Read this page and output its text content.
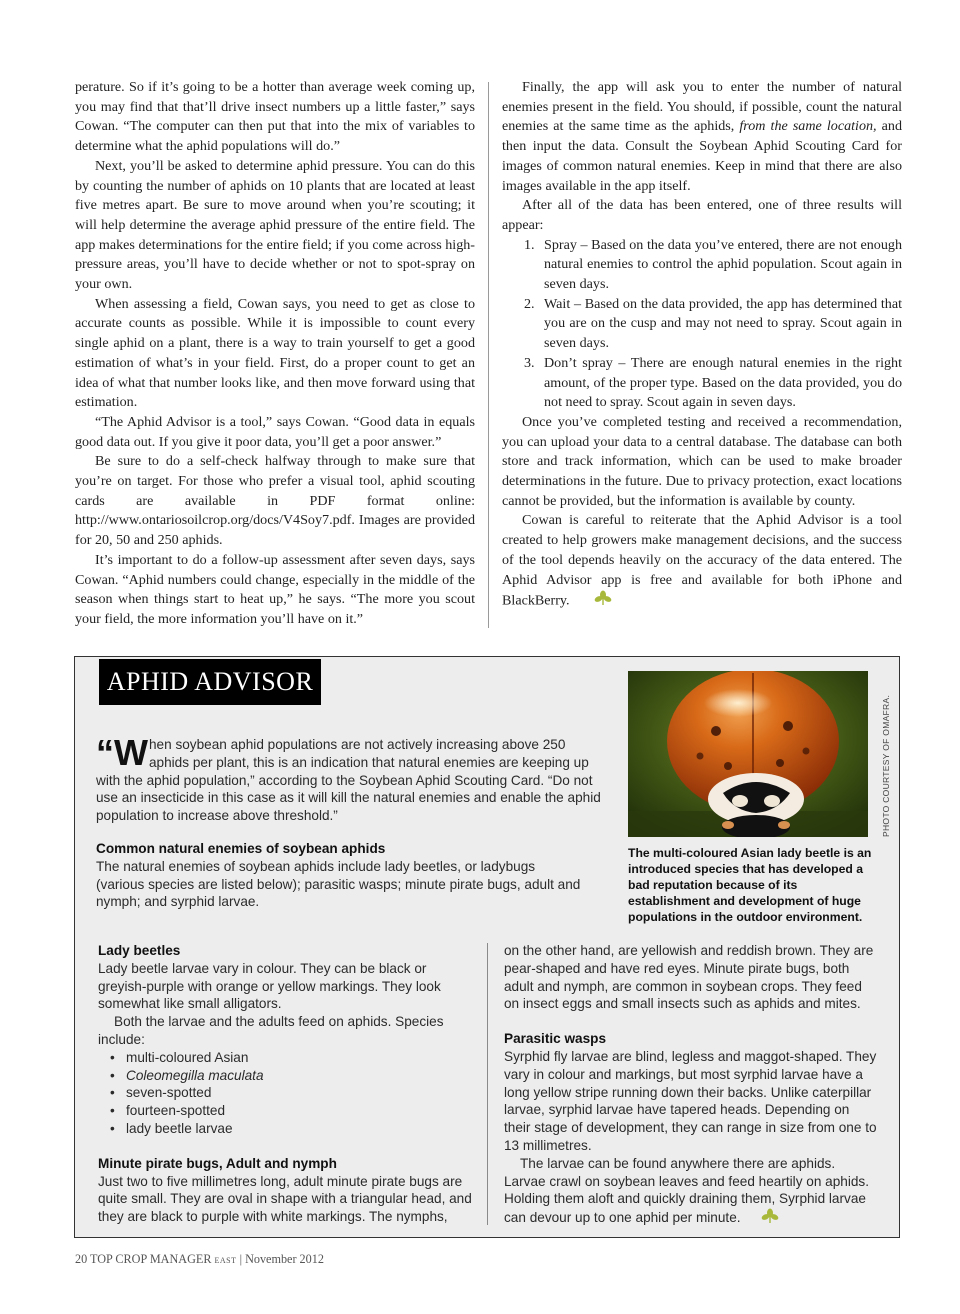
perature. So if it’s going to be a hotter than average week coming up, you may find that that’ll drive insect numbers up a little faster,” says Cowan. “The computer can then put that into the mix of variables to determine what the aphid populations will do.”

Next, you’ll be asked to determine aphid pressure. You can do this by counting the number of aphids on 10 plants that are located at least five metres apart. Be sure to move around when you’re scouting; it will help determine the average aphid pressure of the entire field. The app makes determinations for the entire field; if you come across high-pressure areas, you’ll have to decide whether or not to spot-spray on your own.

When assessing a field, Cowan says, you need to get as close to accurate counts as possible. While it is impossible to count every single aphid on a plant, there is a way to train yourself to get a good estimation of what’s in your field. First, do a proper count to get an idea of what that number looks like, and then move forward using that estimation.

“The Aphid Advisor is a tool,” says Cowan. “Good data in equals good data out. If you give it poor data, you’ll get a poor answer.”

Be sure to do a self-check halfway through to make sure that you’re on target. For those who prefer a visual tool, aphid scouting cards are available in PDF format online: http://www.ontariosoilcrop.org/docs/V4Soy7.pdf. Images are provided for 20, 50 and 250 aphids.

It’s important to do a follow-up assessment after seven days, says Cowan. “Aphid numbers could change, especially in the middle of the season when things start to heat up,” he says. “The more you scout your field, the more information you’ll have on it.”

Finally, the app will ask you to enter the number of natural enemies present in the field. You should, if possible, count the natural enemies at the same time as the aphids, from the same location, and then input the data. Consult the Soybean Aphid Scouting Card for images of common natural enemies. Keep in mind that there are also images available in the app itself.

After all of the data has been entered, one of three results will appear:

1. Spray – Based on the data you’ve entered, there are not enough natural enemies to control the aphid population. Scout again in seven days.
2. Wait – Based on the data provided, the app has determined that you are on the cusp and may not need to spray. Scout again in seven days.
3. Don’t spray – There are enough natural enemies in the right amount, of the proper type. Based on the data provided, you do not need to spray. Scout again in seven days.

Once you’ve completed testing and received a recommendation, you can upload your data to a central database. The database can both store and track information, which can be used to make broader determinations in the future. Due to privacy protection, exact locations cannot be provided, but the information is available by county.

Cowan is careful to reiterate that the Aphid Advisor is a tool created to help growers make management decisions, and the success of the tool depends heavily on the accuracy of the data entered. The Aphid Advisor app is free and available for both iPhone and BlackBerry.

APHID ADVISOR

“W hen soybean aphid populations are not actively increasing above 250 aphids per plant, this is an indication that natural enemies are keeping up with the aphid population,” according to the Soybean Aphid Scouting Card. “Do not use an insecticide in this case as it will kill the natural enemies and enable the aphid population to increase above threshold.”

Common natural enemies of soybean aphids

The natural enemies of soybean aphids include lady beetles, or ladybugs (various species are listed below); parasitic wasps; minute pirate bugs, adult and nymph; and syrphid larvae.

PHOTO COURTESY OF OMAFRA.
The multi-coloured Asian lady beetle is an introduced species that has developed a bad reputation because of its establishment and development of huge populations in the outdoor environment.

Lady beetles

Lady beetle larvae vary in colour. They can be black or greyish-purple with orange or yellow markings. They look somewhat like small alligators.

Both the larvae and the adults feed on aphids. Species include:

• multi-coloured Asian
• Coleomegilla maculata
• seven-spotted
• fourteen-spotted
• lady beetle larvae

Minute pirate bugs, Adult and nymph

Just two to five millimetres long, adult minute pirate bugs are quite small. They are oval in shape with a triangular head, and they are black to purple with white markings. The nymphs,

on the other hand, are yellowish and reddish brown. They are pear-shaped and have red eyes. Minute pirate bugs, both adult and nymph, are common in soybean crops. They feed on insect eggs and small insects such as aphids and mites.

Parasitic wasps

Syrphid fly larvae are blind, legless and maggot-shaped. They vary in colour and markings, but most syrphid larvae have a long yellow stripe running down their backs. Unlike caterpillar larvae, syrphid larvae have tapered heads. Depending on their stage of development, they can range in size from one to 13 millimetres.

The larvae can be found anywhere there are aphids. Larvae crawl on soybean leaves and feed heartily on aphids. Holding them aloft and quickly draining them, Syrphid larvae can devour up to one aphid per minute.

20 TOP CROP MANAGER EAST | November 2012
